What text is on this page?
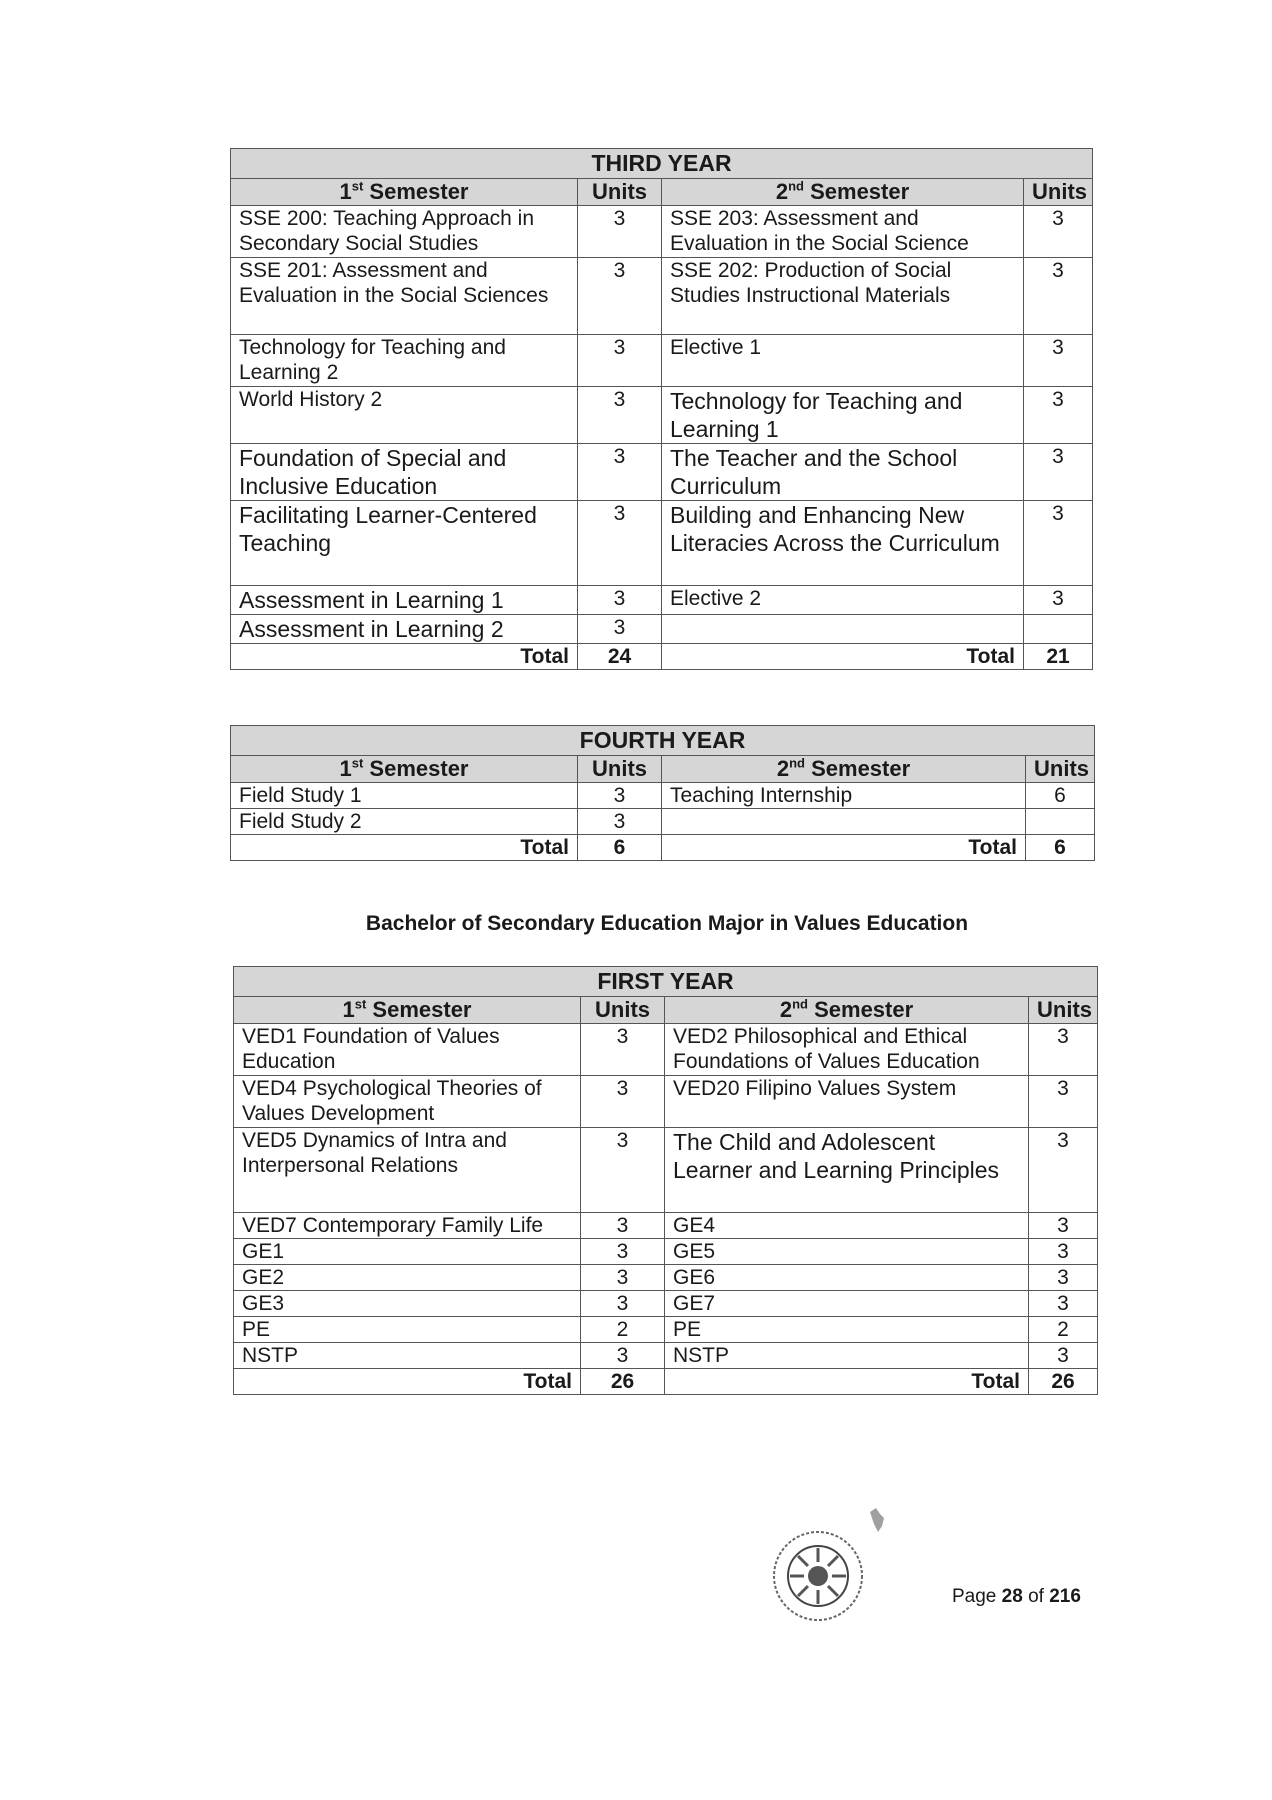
THIRD YEAR			
1st Semester	Units	2nd Semester	Units
SSE 200: Teaching Approach in Secondary Social Studies	3	SSE 203: Assessment and Evaluation in the Social Science	3
SSE 201: Assessment and Evaluation in the Social Sciences	3	SSE 202: Production of Social Studies Instructional Materials	3
Technology for Teaching and Learning 2	3	Elective 1	3
World History 2	3	Technology for Teaching and Learning 1	3
Foundation of Special and Inclusive Education	3	The Teacher and the School Curriculum	3
Facilitating Learner-Centered Teaching	3	Building and Enhancing New Literacies Across the Curriculum	3
Assessment in Learning 1	3	Elective 2	3
Assessment in Learning 2	3		
Total	24	Total	21
FOURTH YEAR			
1st Semester	Units	2nd Semester	Units
Field Study 1	3	Teaching Internship	6
Field Study 2	3		
Total	6	Total	6
Bachelor of Secondary Education Major in Values Education
FIRST YEAR			
1st Semester	Units	2nd Semester	Units
VED1 Foundation of Values Education	3	VED2 Philosophical and Ethical Foundations of Values Education	3
VED4 Psychological Theories of Values Development	3	VED20 Filipino Values System	3
VED5 Dynamics of Intra and Interpersonal Relations	3	The Child and Adolescent Learner and Learning Principles	3
VED7 Contemporary Family Life	3	GE4	3
GE1	3	GE5	3
GE2	3	GE6	3
GE3	3	GE7	3
PE	2	PE	2
NSTP	3	NSTP	3
Total	26	Total	26
Page 28 of 216
